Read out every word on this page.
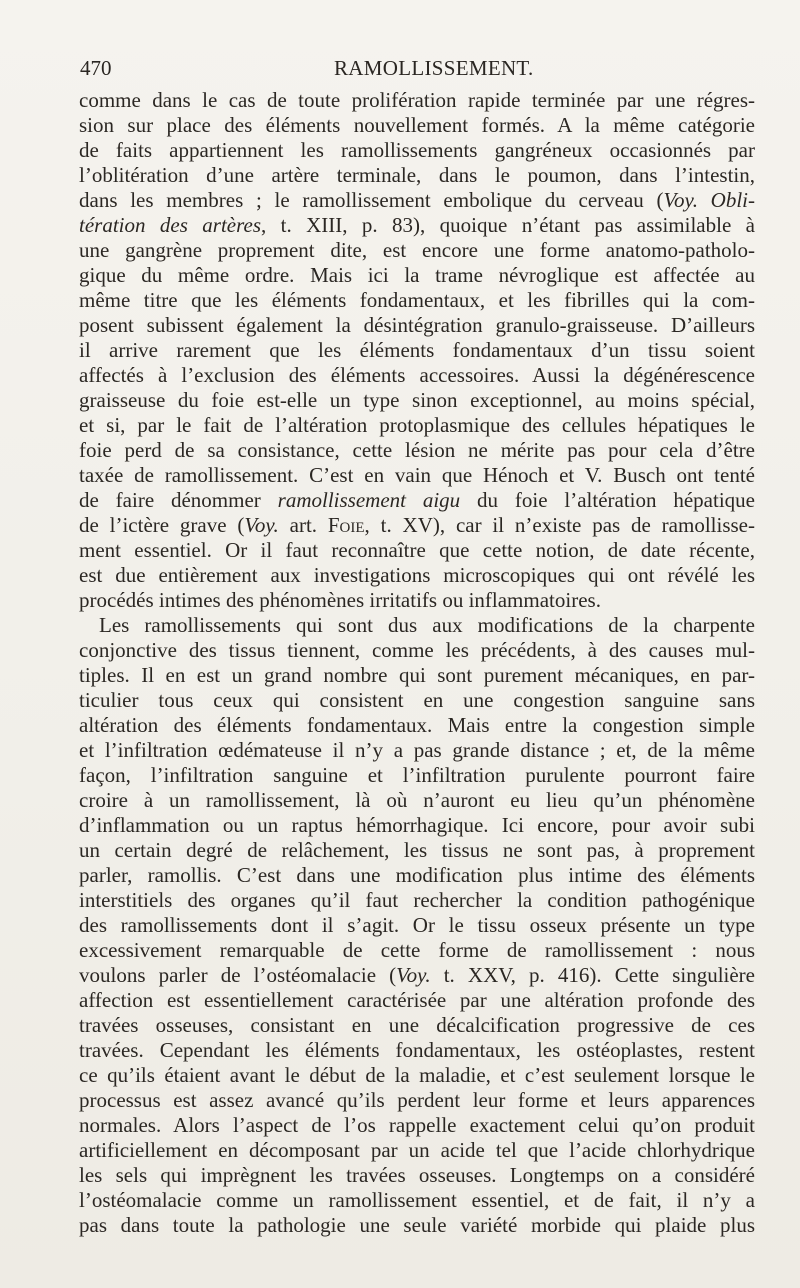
470	RAMOLLISSEMENT.
comme dans le cas de toute prolifération rapide terminée par une régres-
sion sur place des éléments nouvellement formés. A la même catégorie
de faits appartiennent les ramollissements gangréneux occasionnés par
l’oblitération d’une artère terminale, dans le poumon, dans l’intestin,
dans les membres ; le ramollissement embolique du cerveau (Voy. Obli-
tération des artères, t. XIII, p. 83), quoique n’étant pas assimilable à
une gangrène proprement dite, est encore une forme anatomo-patholo-
gique du même ordre. Mais ici la trame névroglique est affectée au
même titre que les éléments fondamentaux, et les fibrilles qui la com-
posent subissent également la désintégration granulo-graisseuse. D’ailleurs
il arrive rarement que les éléments fondamentaux d’un tissu soient
affectés à l’exclusion des éléments accessoires. Aussi la dégénérescence
graisseuse du foie est-elle un type sinon exceptionnel, au moins spécial,
et si, par le fait de l’altération protoplasmique des cellules hépatiques le
foie perd de sa consistance, cette lésion ne mérite pas pour cela d’être
taxée de ramollissement. C’est en vain que Hénoch et V. Busch ont tenté
de faire dénommer ramollissement aigu du foie l’altération hépatique
de l’ictère grave (Voy. art. Foie, t. XV), car il n’existe pas de ramollisse-
ment essentiel. Or il faut reconnaître que cette notion, de date récente,
est due entièrement aux investigations microscopiques qui ont révélé les
procédés intimes des phénomènes irritatifs ou inflammatoires.
Les ramollissements qui sont dus aux modifications de la charpente
conjonctive des tissus tiennent, comme les précédents, à des causes mul-
tiples. Il en est un grand nombre qui sont purement mécaniques, en par-
ticulier tous ceux qui consistent en une congestion sanguine sans
altération des éléments fondamentaux. Mais entre la congestion simple
et l’infiltration œdémateuse il n’y a pas grande distance ; et, de la même
façon, l’infiltration sanguine et l’infiltration purulente pourront faire
croire à un ramollissement, là où n’auront eu lieu qu’un phénomène
d’inflammation ou un raptus hémorrhagique. Ici encore, pour avoir subi
un certain degré de relâchement, les tissus ne sont pas, à proprement
parler, ramollis. C’est dans une modification plus intime des éléments
interstitiels des organes qu’il faut rechercher la condition pathogénique
des ramollissements dont il s’agit. Or le tissu osseux présente un type
excessivement remarquable de cette forme de ramollissement : nous
voulons parler de l’ostéomalacie (Voy. t. XXV, p. 416). Cette singulière
affection est essentiellement caractérisée par une altération profonde des
travées osseuses, consistant en une décalcification progressive de ces
travées. Cependant les éléments fondamentaux, les ostéoplastes, restent
ce qu’ils étaient avant le début de la maladie, et c’est seulement lorsque le
processus est assez avancé qu’ils perdent leur forme et leurs apparences
normales. Alors l’aspect de l’os rappelle exactement celui qu’on produit
artificiellement en décomposant par un acide tel que l’acide chlorhydrique
les sels qui imprègnent les travées osseuses. Longtemps on a considéré
l’ostéomalacie comme un ramollissement essentiel, et de fait, il n’y a
pas dans toute la pathologie une seule variété morbide qui plaide plus
